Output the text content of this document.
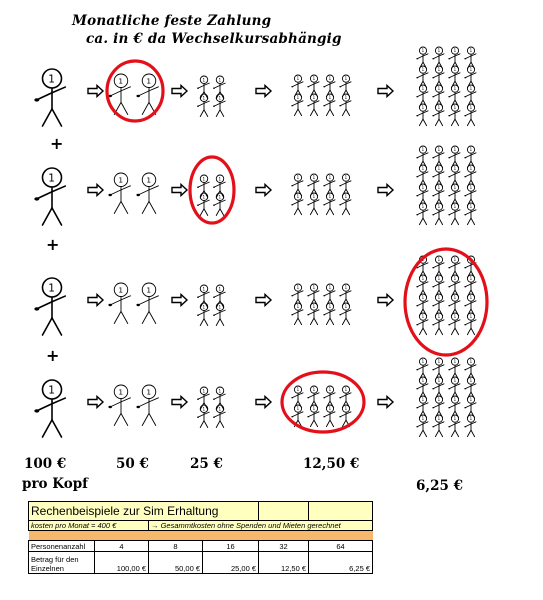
Monatliche feste Zahlung
ca. in € da Wechselkursabhängig
1	1	1	1	1
1	1
1	1	1	1
1	1	1	1
1	1	1	1
1	1	1	1
1	1	1	1
1	1	1	1
1	1	1	1	1
1	1
1	1	1	1
1	1	1	1
1	1	1	1
1	1	1	1
1	1	1	1
1	1	1	1
1	1	1	1	1
1	1
1	1	1	1
1	1	1	1
1	1	1	1
1	1	1	1
1	1	1	1
1	1	1	1
1	1	1	1	1
1	1
1	1	1	1
1	1	1	1
1	1	1	1
1	1	1	1
1	1	1	1
1	1	1	1
+
+
+
100 €
pro Kopf
50 €	25 €	12,50 €
6,25 €
Rechenbeispiele zur Sim Erhaltung					
kosten pro Monat = 400 €		→ Gesammtkosten ohne Spenden und Mieten gerechnet			

Personenanzahl	4	8	16	32	64
Betrag für den
Einzelnen	100,00 €	50,00 €	25,00 €	12,50 €	6,25 €
